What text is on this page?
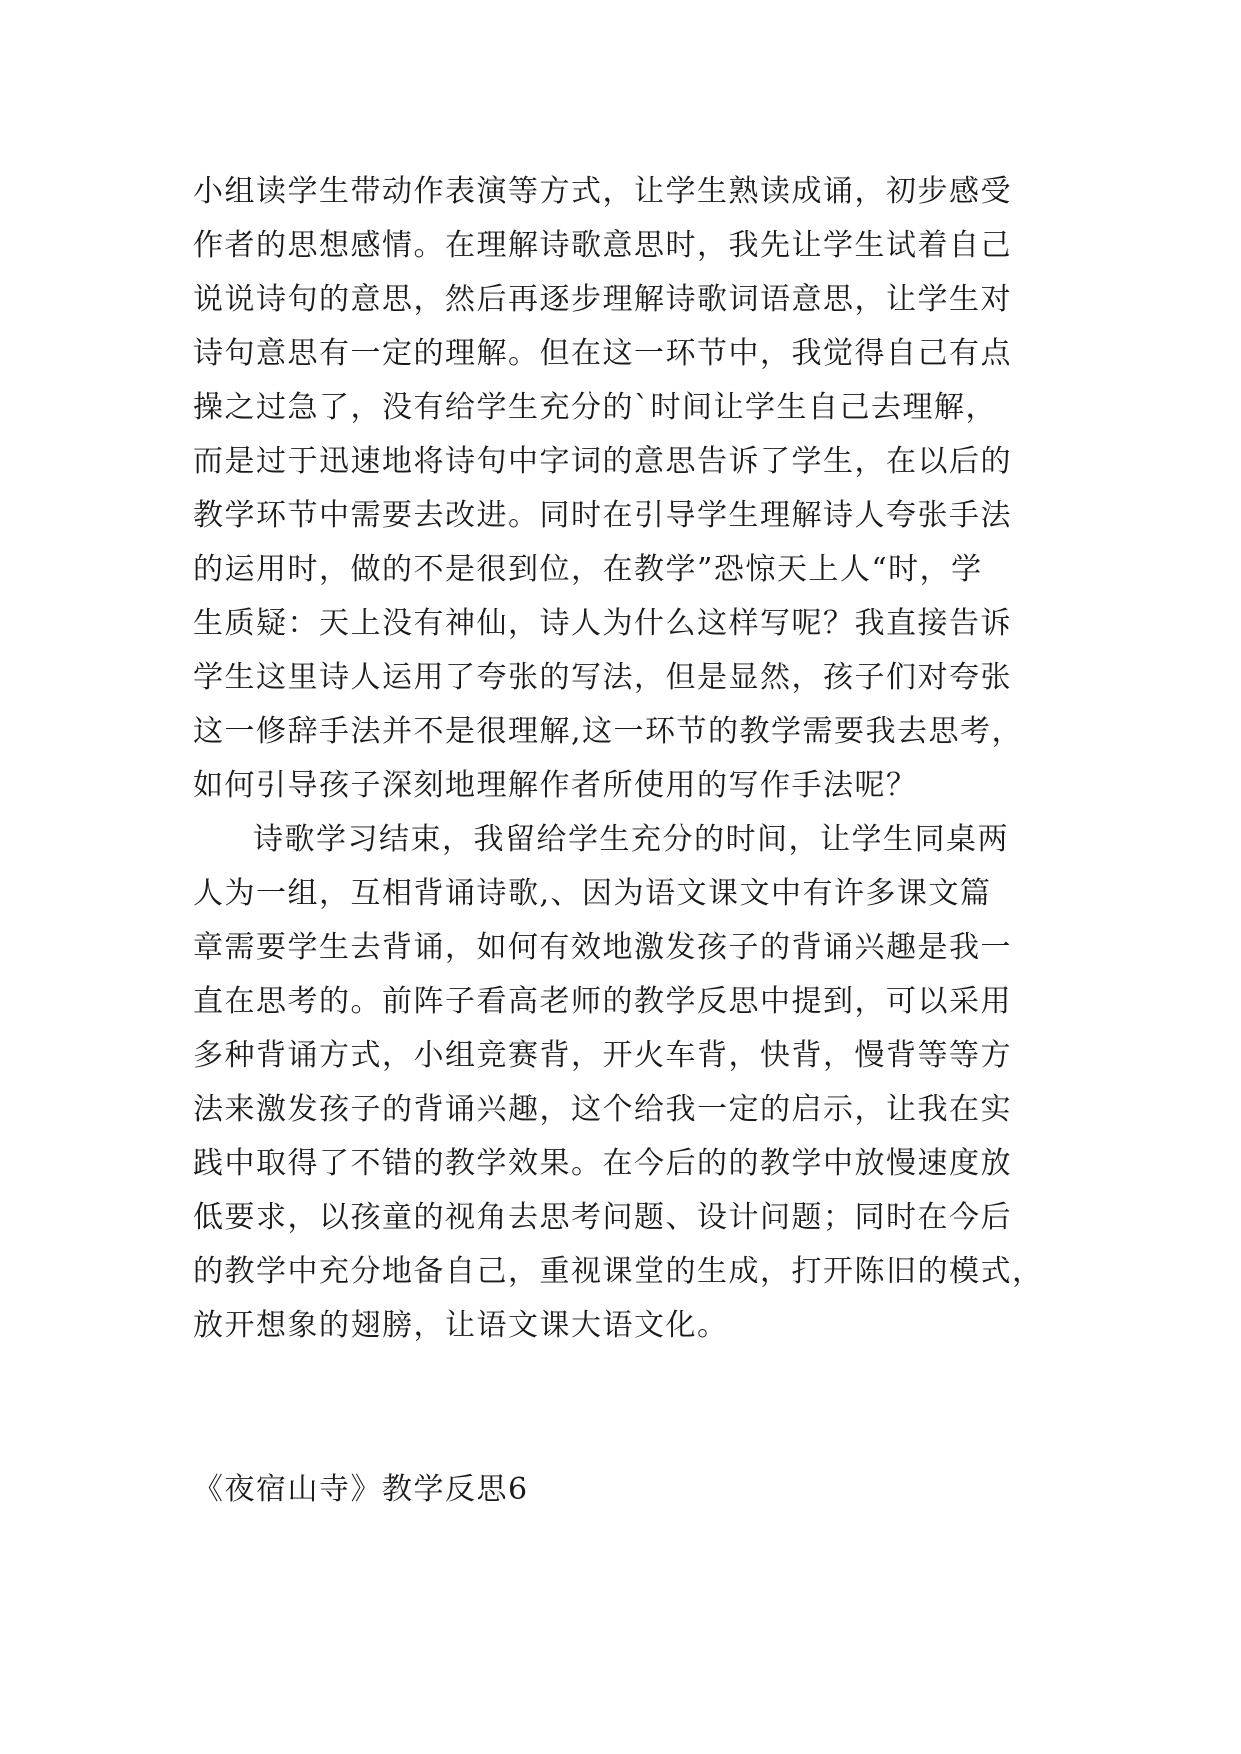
小组读学生带动作表演等方式，让学生熟读成诵，初步感受
作者的思想感情。在理解诗歌意思时，我先让学生试着自己
说说诗句的意思，然后再逐步理解诗歌词语意思，让学生对
诗句意思有一定的理解。但在这一环节中，我觉得自己有点
操之过急了，没有给学生充分的`时间让学生自己去理解，
而是过于迅速地将诗句中字词的意思告诉了学生，在以后的
教学环节中需要去改进。同时在引导学生理解诗人夸张手法
的运用时，做的不是很到位，在教学”恐惊天上人“时，学
生质疑：天上没有神仙，诗人为什么这样写呢？我直接告诉
学生这里诗人运用了夸张的写法，但是显然，孩子们对夸张
这一修辞手法并不是很理解,这一环节的教学需要我去思考，
如何引导孩子深刻地理解作者所使用的写作手法呢？
诗歌学习结束，我留给学生充分的时间，让学生同桌两
人为一组，互相背诵诗歌,、因为语文课文中有许多课文篇
章需要学生去背诵，如何有效地激发孩子的背诵兴趣是我一
直在思考的。前阵子看高老师的教学反思中提到，可以采用
多种背诵方式，小组竞赛背，开火车背，快背，慢背等等方
法来激发孩子的背诵兴趣，这个给我一定的启示，让我在实
践中取得了不错的教学效果。在今后的的教学中放慢速度放
低要求，以孩童的视角去思考问题、设计问题；同时在今后
的教学中充分地备自己，重视课堂的生成，打开陈旧的模式，
放开想象的翅膀，让语文课大语文化。
《夜宿山寺》教学反思6
